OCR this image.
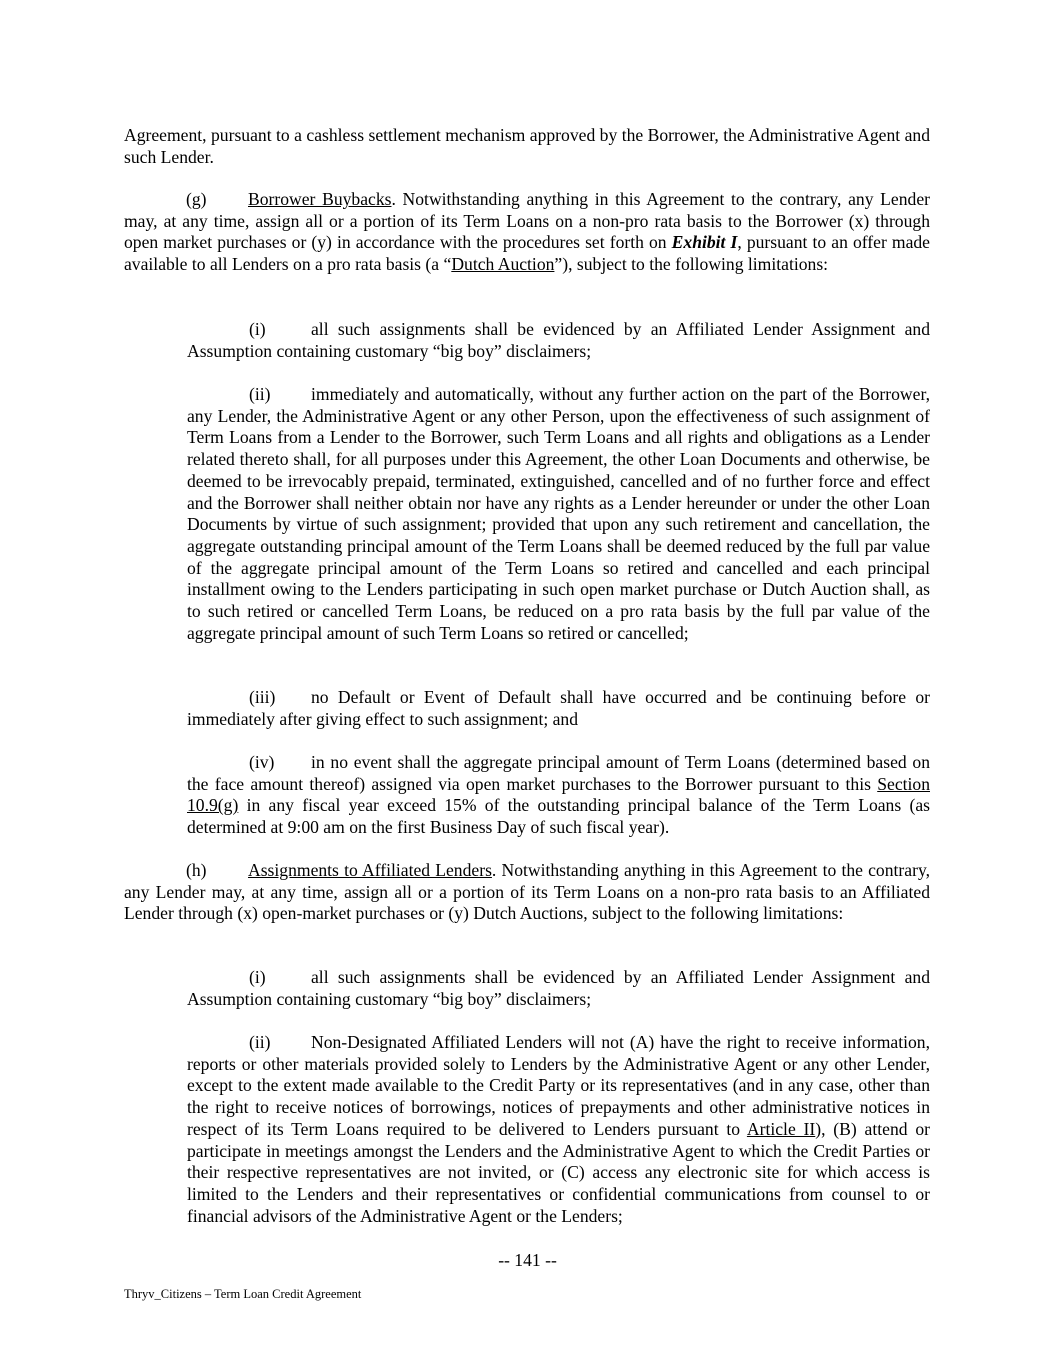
Agreement, pursuant to a cashless settlement mechanism approved by the Borrower, the Administrative Agent and such Lender.
(g) Borrower Buybacks. Notwithstanding anything in this Agreement to the contrary, any Lender may, at any time, assign all or a portion of its Term Loans on a non-pro rata basis to the Borrower (x) through open market purchases or (y) in accordance with the procedures set forth on Exhibit I, pursuant to an offer made available to all Lenders on a pro rata basis (a “Dutch Auction”), subject to the following limitations:
(i)	all such assignments shall be evidenced by an Affiliated Lender Assignment and Assumption containing customary “big boy” disclaimers;
(ii) immediately and automatically, without any further action on the part of the Borrower, any Lender, the Administrative Agent or any other Person, upon the effectiveness of such assignment of Term Loans from a Lender to the Borrower, such Term Loans and all rights and obligations as a Lender related thereto shall, for all purposes under this Agreement, the other Loan Documents and otherwise, be deemed to be irrevocably prepaid, terminated, extinguished, cancelled and of no further force and effect and the Borrower shall neither obtain nor have any rights as a Lender hereunder or under the other Loan Documents by virtue of such assignment; provided that upon any such retirement and cancellation, the aggregate outstanding principal amount of the Term Loans shall be deemed reduced by the full par value of the aggregate principal amount of the Term Loans so retired and cancelled and each principal installment owing to the Lenders participating in such open market purchase or Dutch Auction shall, as to such retired or cancelled Term Loans, be reduced on a pro rata basis by the full par value of the aggregate principal amount of such Term Loans so retired or cancelled;
(iii) no Default or Event of Default shall have occurred and be continuing before or immediately after giving effect to such assignment; and
(iv) in no event shall the aggregate principal amount of Term Loans (determined based on the face amount thereof) assigned via open market purchases to the Borrower pursuant to this Section 10.9(g) in any fiscal year exceed 15% of the outstanding principal balance of the Term Loans (as determined at 9:00 am on the first Business Day of such fiscal year).
(h) Assignments to Affiliated Lenders. Notwithstanding anything in this Agreement to the contrary, any Lender may, at any time, assign all or a portion of its Term Loans on a non-pro rata basis to an Affiliated Lender through (x) open-market purchases or (y) Dutch Auctions, subject to the following limitations:
(i)	all such assignments shall be evidenced by an Affiliated Lender Assignment and Assumption containing customary “big boy” disclaimers;
(ii) Non-Designated Affiliated Lenders will not (A) have the right to receive information, reports or other materials provided solely to Lenders by the Administrative Agent or any other Lender, except to the extent made available to the Credit Party or its representatives (and in any case, other than the right to receive notices of borrowings, notices of prepayments and other administrative notices in respect of its Term Loans required to be delivered to Lenders pursuant to Article II), (B) attend or participate in meetings amongst the Lenders and the Administrative Agent to which the Credit Parties or their respective representatives are not invited, or (C) access any electronic site for which access is limited to the Lenders and their representatives or confidential communications from counsel to or financial advisors of the Administrative Agent or the Lenders;
-- 141 --
Thryv_Citizens – Term Loan Credit Agreement
